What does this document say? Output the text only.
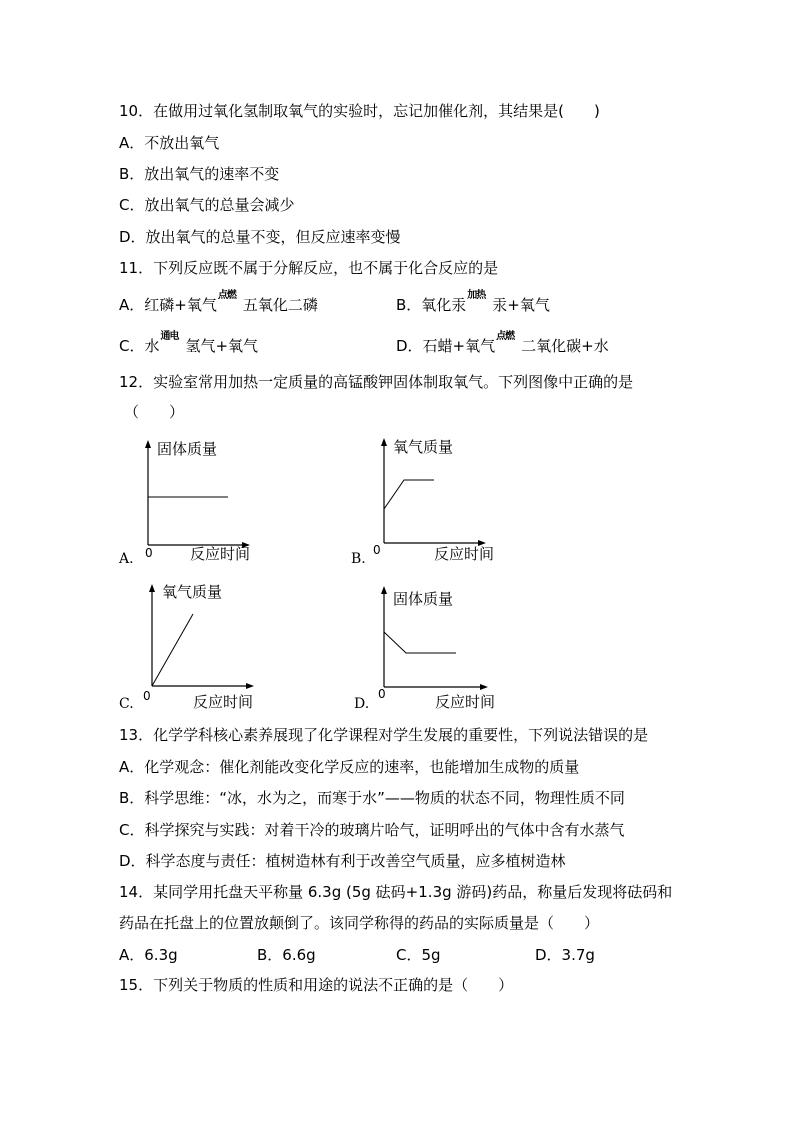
10．在做用过氧化氢制取氧气的实验时，忘记加催化剂，其结果是(　　)
A．不放出氧气
B．放出氧气的速率不变
C．放出氧气的总量会减少
D．放出氧气的总量不变，但反应速率变慢
11．下列反应既不属于分解反应，也不属于化合反应的是
A．红磷+氧气
点燃
五氧化二磷	B．氧化汞
加热
汞+氧气
C．水
通电
氢气+氧气	D．石蜡+氧气
点燃
二氧化碳+水
12．实验室常用加热一定质量的高锰酸钾固体制取氧气。下列图像中正确的是
（　　）
固体质量
反应时间
0
A.
氧气质量
反应时间
0
B.
氧气质量
反应时间
0
C.
固体质量
反应时间
0
D.
13．化学学科核心素养展现了化学课程对学生发展的重要性，下列说法错误的是
A．化学观念：催化剂能改变化学反应的速率，也能增加生成物的质量
B．科学思维：“冰，水为之，而寒于水”——物质的状态不同，物理性质不同
C．科学探究与实践：对着干冷的玻璃片哈气，证明呼出的气体中含有水蒸气
D．科学态度与责任：植树造林有利于改善空气质量，应多植树造林
14．某同学用托盘天平称量 6.3g (5g 砝码+1.3g 游码)药品，称量后发现将砝码和
药品在托盘上的位置放颠倒了。该同学称得的药品的实际质量是（　　）
A．6.3g	B．6.6g	C．5g	D．3.7g
15．下列关于物质的性质和用途的说法不正确的是（　　）
